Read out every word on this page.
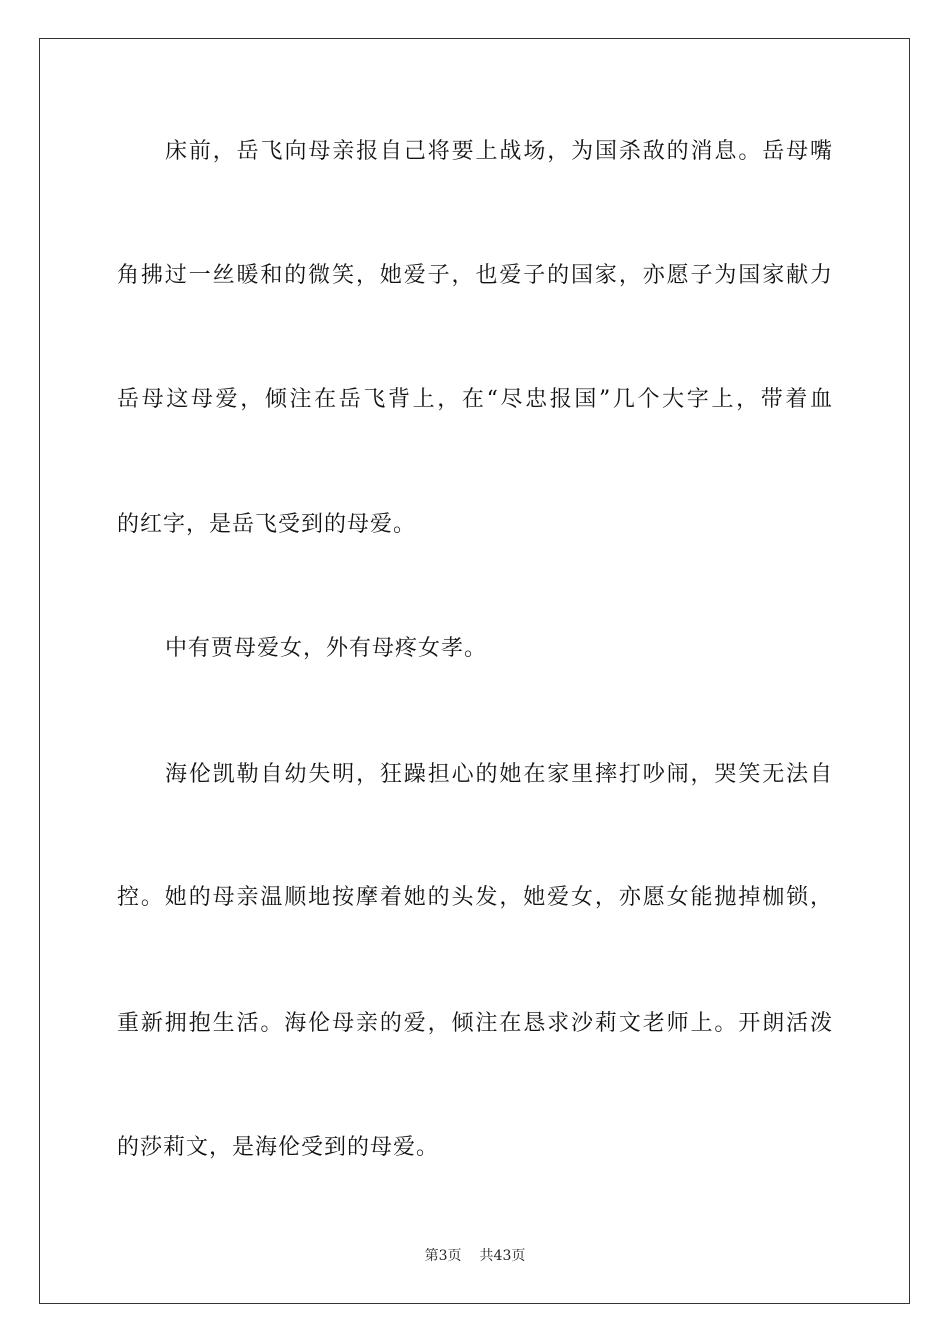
床前，岳飞向母亲报自己将要上战场，为国杀敌的消息。岳母嘴
角拂过一丝暖和的微笑，她爱子，也爱子的国家，亦愿子为国家献力
岳母这母爱，倾注在岳飞背上，在“尽忠报国”几个大字上，带着血
的红字，是岳飞受到的母爱。
中有贾母爱女，外有母疼女孝。
海伦凯勒自幼失明，狂躁担心的她在家里摔打吵闹，哭笑无法自
控。她的母亲温顺地按摩着她的头发，她爱女，亦愿女能抛掉枷锁，
重新拥抱生活。海伦母亲的爱，倾注在恳求沙莉文老师上。开朗活泼
的莎莉文，是海伦受到的母爱。
第3页 共43页
